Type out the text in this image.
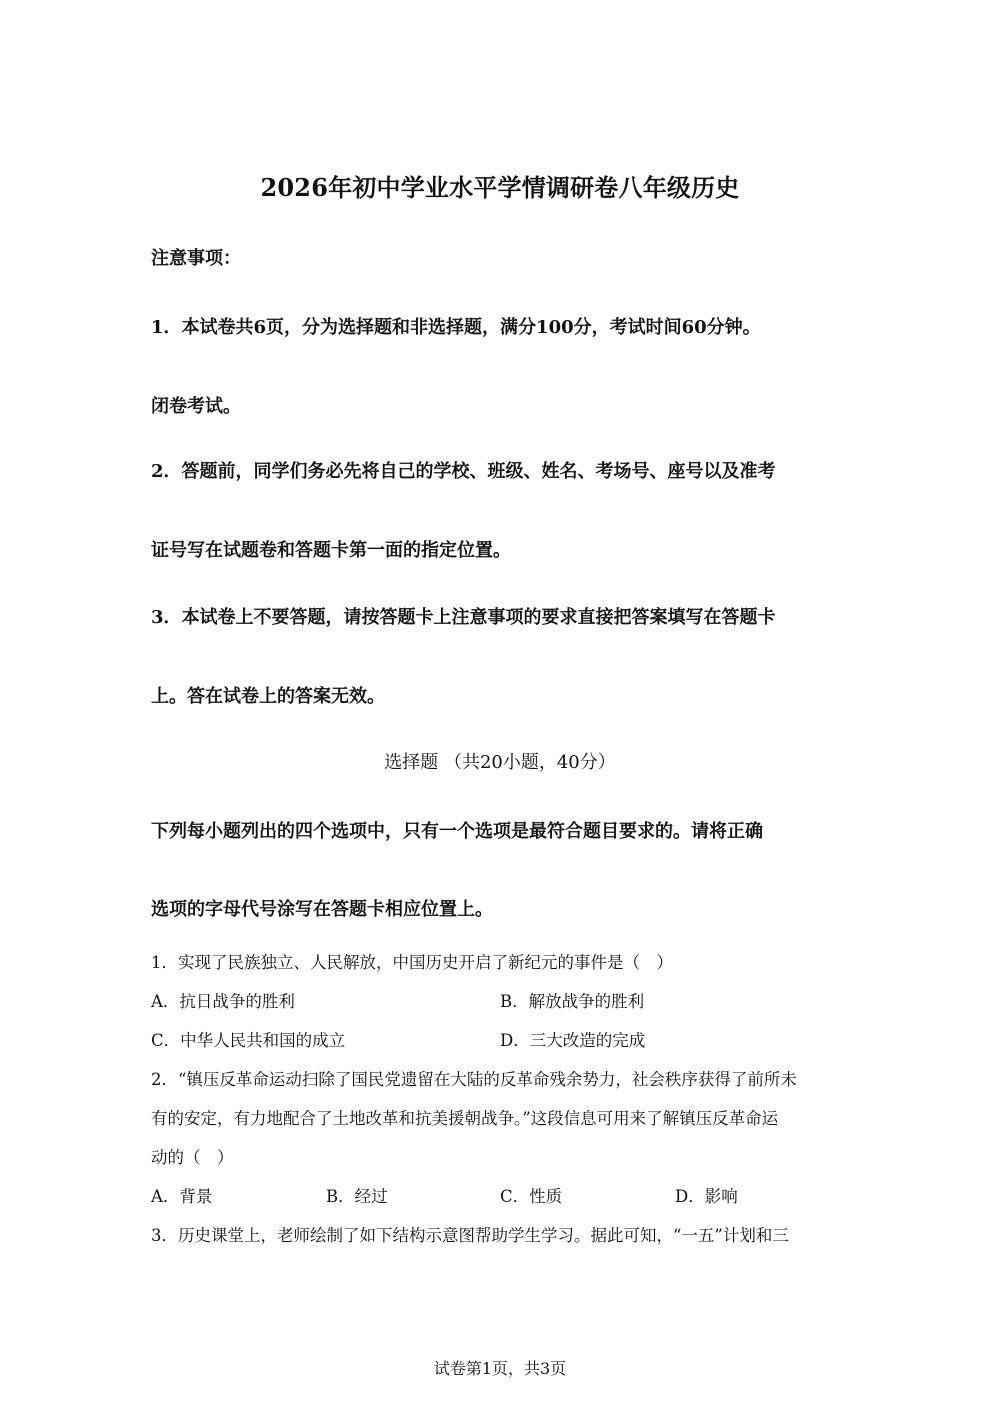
2026年初中学业水平学情调研卷八年级历史
注意事项：
1．本试卷共6页，分为选择题和非选择题，满分100分，考试时间60分钟。
闭卷考试。
2．答题前，同学们务必先将自己的学校、班级、姓名、考场号、座号以及准考
证号写在试题卷和答题卡第一面的指定位置。
3．本试卷上不要答题，请按答题卡上注意事项的要求直接把答案填写在答题卡
上。答在试卷上的答案无效。
选择题 （共20小题，40分）
下列每小题列出的四个选项中，只有一个选项是最符合题目要求的。请将正确
选项的字母代号涂写在答题卡相应位置上。
1．实现了民族独立、人民解放，中国历史开启了新纪元的事件是（　）
A．抗日战争的胜利	B．解放战争的胜利
C．中华人民共和国的成立	D．三大改造的完成
2．“镇压反革命运动扫除了国民党遗留在大陆的反革命残余势力，社会秩序获得了前所未
有的安定，有力地配合了土地改革和抗美援朝战争。”这段信息可用来了解镇压反革命运
动的（　）
A．背景	B．经过	C．性质	D．影响
3．历史课堂上，老师绘制了如下结构示意图帮助学生学习。据此可知，“一五”计划和三
试卷第1页，共3页
